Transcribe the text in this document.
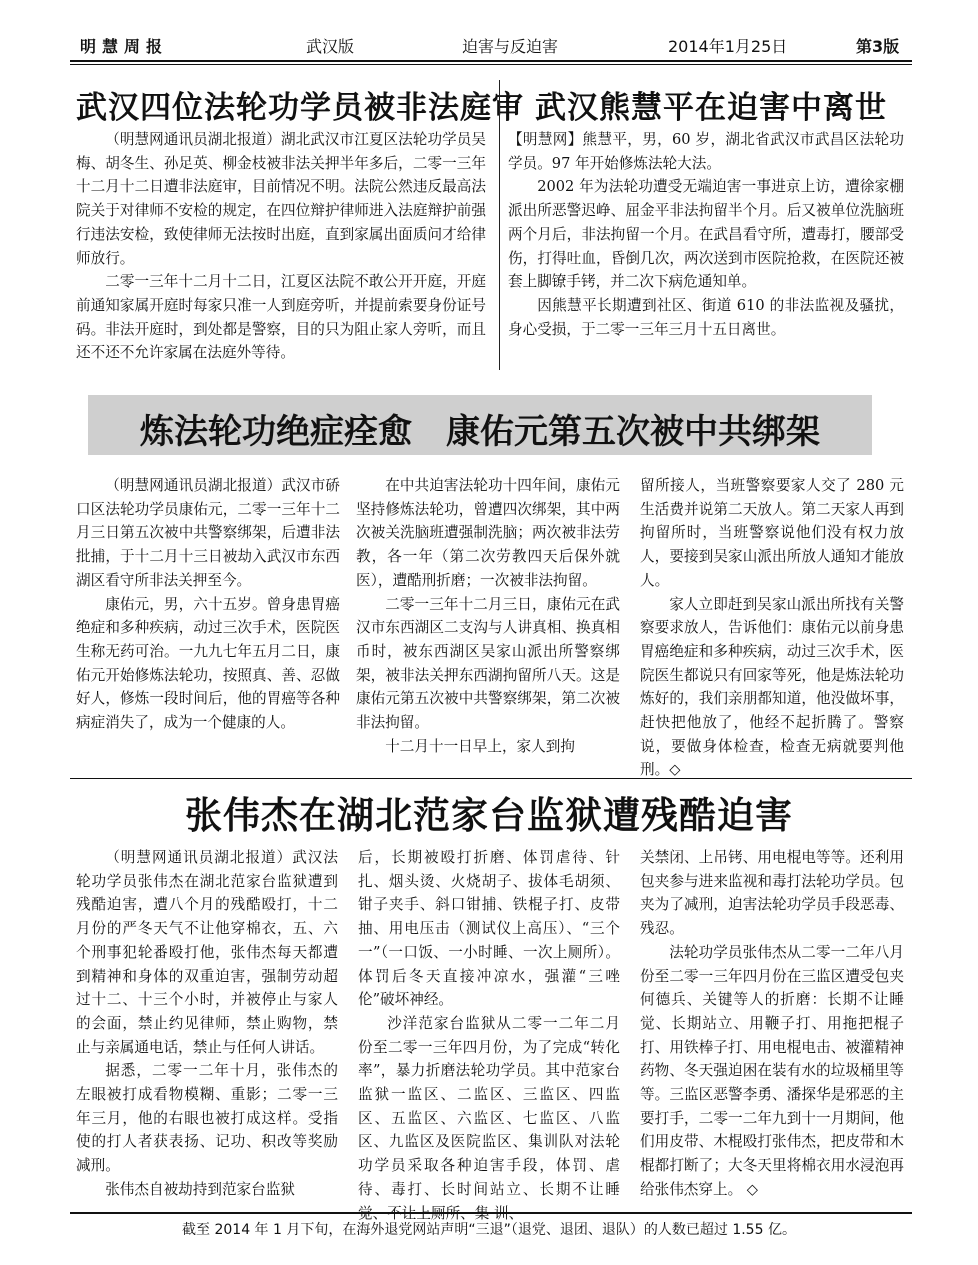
明慧周报	武汉版	迫害与反迫害	2014年1月25日	第3版
武汉四位法轮功学员被非法庭审

（明慧网通讯员湖北报道）湖北武汉市江夏区法轮功学员吴梅、胡冬生、孙足英、柳金枝被非法关押半年多后，二零一三年十二月十二日遭非法庭审，目前情况不明。法院公然违反最高法院关于对律师不安检的规定，在四位辩护律师进入法庭辩护前强行违法安检，致使律师无法按时出庭，直到家属出面质问才给律师放行。

二零一三年十二月十二日，江夏区法院不敢公开开庭，开庭前通知家属开庭时每家只准一人到庭旁听，并提前索要身份证号码。非法开庭时，到处都是警察，目的只为阻止家人旁听，而且还不还不允许家属在法庭外等待。

武汉熊慧平在迫害中离世

【明慧网】熊慧平，男，60 岁，湖北省武汉市武昌区法轮功学员。97 年开始修炼法轮大法。

2002 年为法轮功遭受无端迫害一事进京上访，遭徐家棚派出所恶警迟峥、屈金平非法拘留半个月。后又被单位洗脑班两个月后，非法拘留一个月。在武昌看守所，遭毒打，腰部受伤，打得吐血，昏倒几次，两次送到市医院抢救，在医院还被套上脚镣手铐，并二次下病危通知单。

因熊慧平长期遭到社区、街道 610 的非法监视及骚扰，身心受损，于二零一三年三月十五日离世。

炼法轮功绝症痊愈　康佑元第五次被中共绑架

（明慧网通讯员湖北报道）武汉市硚口区法轮功学员康佑元，二零一三年十二月三日第五次被中共警察绑架，后遭非法批捕，于十二月十三日被劫入武汉市东西湖区看守所非法关押至今。

康佑元，男，六十五岁。曾身患胃癌绝症和多种疾病，动过三次手术，医院医生称无药可治。一九九七年五月二日，康佑元开始修炼法轮功，按照真、善、忍做好人，修炼一段时间后，他的胃癌等各种病症消失了，成为一个健康的人。

在中共迫害法轮功十四年间，康佑元坚持修炼法轮功，曾遭四次绑架，其中两次被关洗脑班遭强制洗脑；两次被非法劳教，各一年（第二次劳教四天后保外就医），遭酷刑折磨；一次被非法拘留。

二零一三年十二月三日，康佑元在武汉市东西湖区二支沟与人讲真相、换真相币时，被东西湖区吴家山派出所警察绑架，被非法关押东西湖拘留所八天。这是康佑元第五次被中共警察绑架，第二次被非法拘留。

十二月十一日早上，家人到拘

留所接人，当班警察要家人交了 280 元生活费并说第二天放人。第二天家人再到拘留所时，当班警察说他们没有权力放人，要接到吴家山派出所放人通知才能放人。

家人立即赶到吴家山派出所找有关警察要求放人，告诉他们：康佑元以前身患胃癌绝症和多种疾病，动过三次手术，医院医生都说只有回家等死，他是炼法轮功炼好的，我们亲朋都知道，他没做坏事，赶快把他放了，他经不起折腾了。警察说，要做身体检查，检查无病就要判他刑。◇

张伟杰在湖北范家台监狱遭残酷迫害

（明慧网通讯员湖北报道）武汉法轮功学员张伟杰在湖北范家台监狱遭到残酷迫害，遭八个月的残酷殴打，十二月份的严冬天气不让他穿棉衣，五、六个刑事犯轮番殴打他，张伟杰每天都遭到精神和身体的双重迫害，强制劳动超过十二、十三个小时，并被停止与家人的会面，禁止约见律师，禁止购物，禁止与亲属通电话，禁止与任何人讲话。

据悉，二零一二年十月，张伟杰的左眼被打成看物模糊、重影；二零一三年三月，他的右眼也被打成这样。受指使的打人者获表扬、记功、积改等奖励减刑。

张伟杰自被劫持到范家台监狱

后，长期被殴打折磨、体罚虐待、针扎、烟头烫、火烧胡子、拔体毛胡须、钳子夹手、斜口钳捕、铁棍子打、皮带抽、用电压击（测试仪上高压）、“三个一”（一口饭、一小时睡、一次上厕所）。体罚后冬天直接冲凉水，强灌“三唑伦”破坏神经。

沙洋范家台监狱从二零一二年二月份至二零一三年四月份，为了完成“转化率”，暴力折磨法轮功学员。其中范家台监狱一监区、二监区、三监区、四监区、五监区、六监区、七监区、八监区、九监区及医院监区、集训队对法轮功学员采取各种迫害手段，体罚、虐待、毒打、长时间站立、长期不让睡觉、不让上厕所、集 训、

关禁闭、上吊铐、用电棍电等等。还利用包夹参与进来监视和毒打法轮功学员。包夹为了减刑，迫害法轮功学员手段恶毒、残忍。

法轮功学员张伟杰从二零一二年八月份至二零一三年四月份在三监区遭受包夹何德兵、关键等人的折磨：长期不让睡觉、长期站立、用鞭子打、用拖把棍子打、用铁棒子打、用电棍电击、被灌精神药物、冬天强迫困在装有水的垃圾桶里等等。三监区恶警李勇、潘探华是邪恶的主要打手，二零一二年九到十一月期间，他们用皮带、木棍殴打张伟杰，把皮带和木棍都打断了；大冬天里将棉衣用水浸泡再给张伟杰穿上。 ◇

截至 2014 年 1 月下旬，在海外退党网站声明“三退”（退党、退团、退队）的人数已超过 1.55 亿。
